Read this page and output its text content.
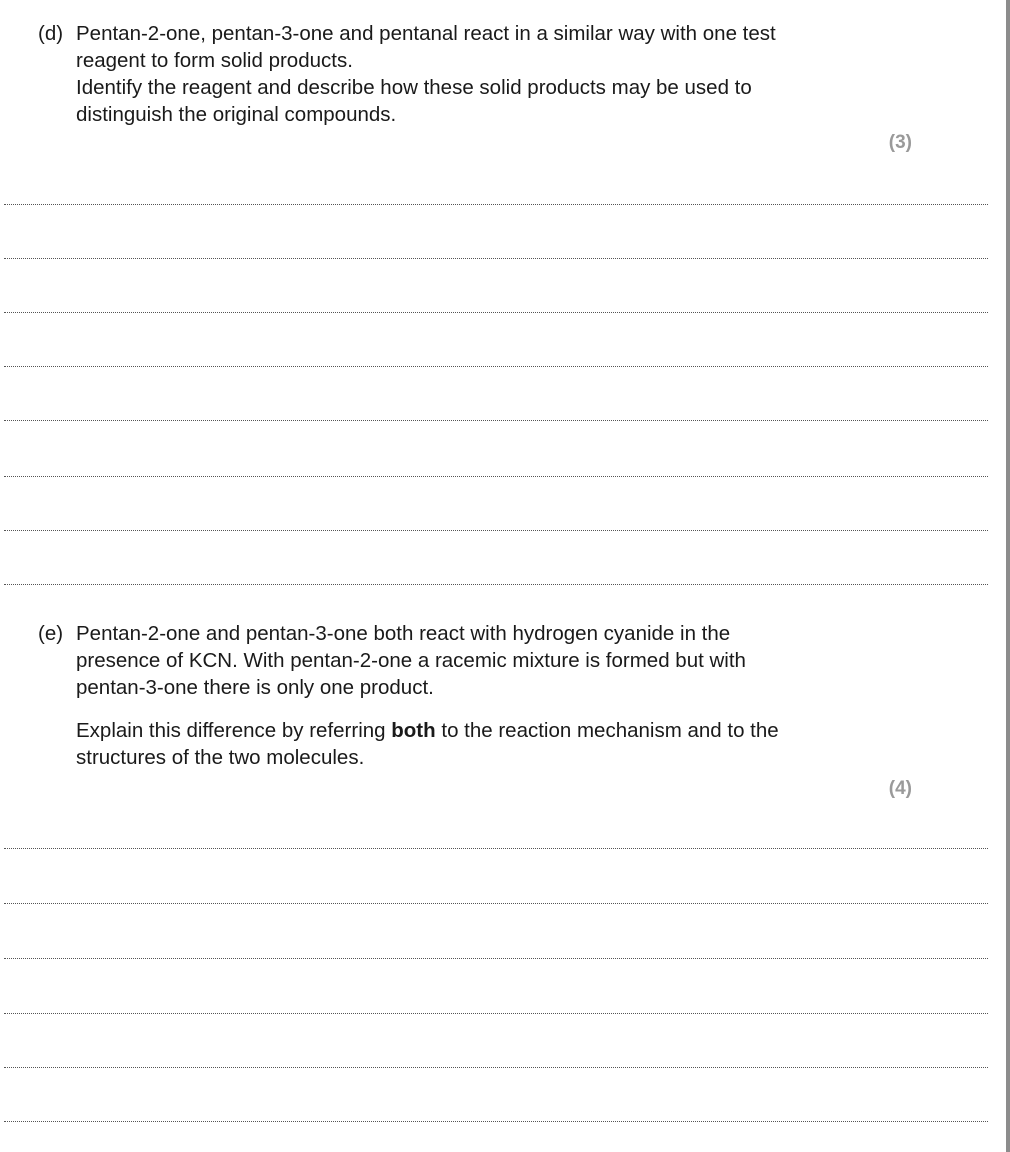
(d) Pentan-2-one, pentan-3-one and pentanal react in a similar way with one test

reagent to form solid products.

Identify the reagent and describe how these solid products may be used to

distinguish the original compounds.

(3)
(e) Pentan-2-one and pentan-3-one both react with hydrogen cyanide in the

presence of KCN. With pentan-2-one a racemic mixture is formed but with

pentan-3-one there is only one product.

Explain this difference by referring both to the reaction mechanism and to the

structures of the two molecules.

(4)
